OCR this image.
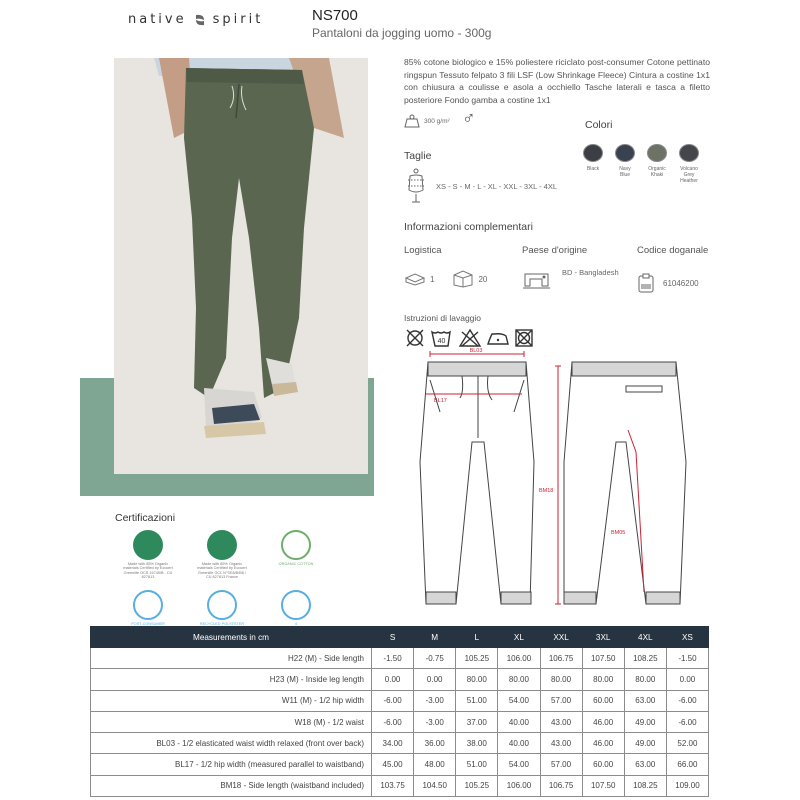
native spirit	NS700
Pantaloni da jogging uomo - 300g
85% cotone biologico e 15% poliestere riciclato post-consumer Cotone pettinato ringspun Tessuto felpato 3 fili LSF (Low Shrinkage Fleece) Cintura a costine 1x1 con chiusura a coulisse e asola a occhiello Tasche laterali e tasca a filetto posteriore Fondo gamba a costine 1x1
300 g/m² ♂	Colori
Black	Navy Blue
Organic Khaki
Volcano Grey Heather
Taglie
XS - S - M - L - XL - XXL - 3XL - 4XL
Informazioni complementari
Logistica	Paese d'origine	Codice doganale
1	20
BD - Bangladesh
61046200
Istruzioni di lavaggio
40
BL03
BL17
BM18
BM05
Certificazioni
Made with 85% Organic materials Certified by Ecocert Greenlife OCS 15745/B - CU 827813
Made with 85% Organic materials Certified by Ecocert Greenlife GCL N°SE8/B/B6 / CU 827813 France
ORGANIC COTTON
POST-CONSUMER	RECYCLED POLYESTER	4
Measurements in cm	S	M	L	XL	XXL	3XL	4XL	XS
H22 (M) - Side length	-1.50	-0.75	105.25	106.00	106.75	107.50	108.25	-1.50
H23 (M) - Inside leg length	0.00	0.00	80.00	80.00	80.00	80.00	80.00	0.00
W11 (M) - 1/2 hip width	-6.00	-3.00	51.00	54.00	57.00	60.00	63.00	-6.00
W18 (M) - 1/2 waist	-6.00	-3.00	37.00	40.00	43.00	46.00	49.00	-6.00
BL03 - 1/2 elasticated waist width relaxed (front over back)	34.00	36.00	38.00	40.00	43.00	46.00	49.00	52.00
BL17 - 1/2 hip width (measured parallel to waistband)	45.00	48.00	51.00	54.00	57.00	60.00	63.00	66.00
BM18 - Side length (waistband included)	103.75	104.50	105.25	106.00	106.75	107.50	108.25	109.00
